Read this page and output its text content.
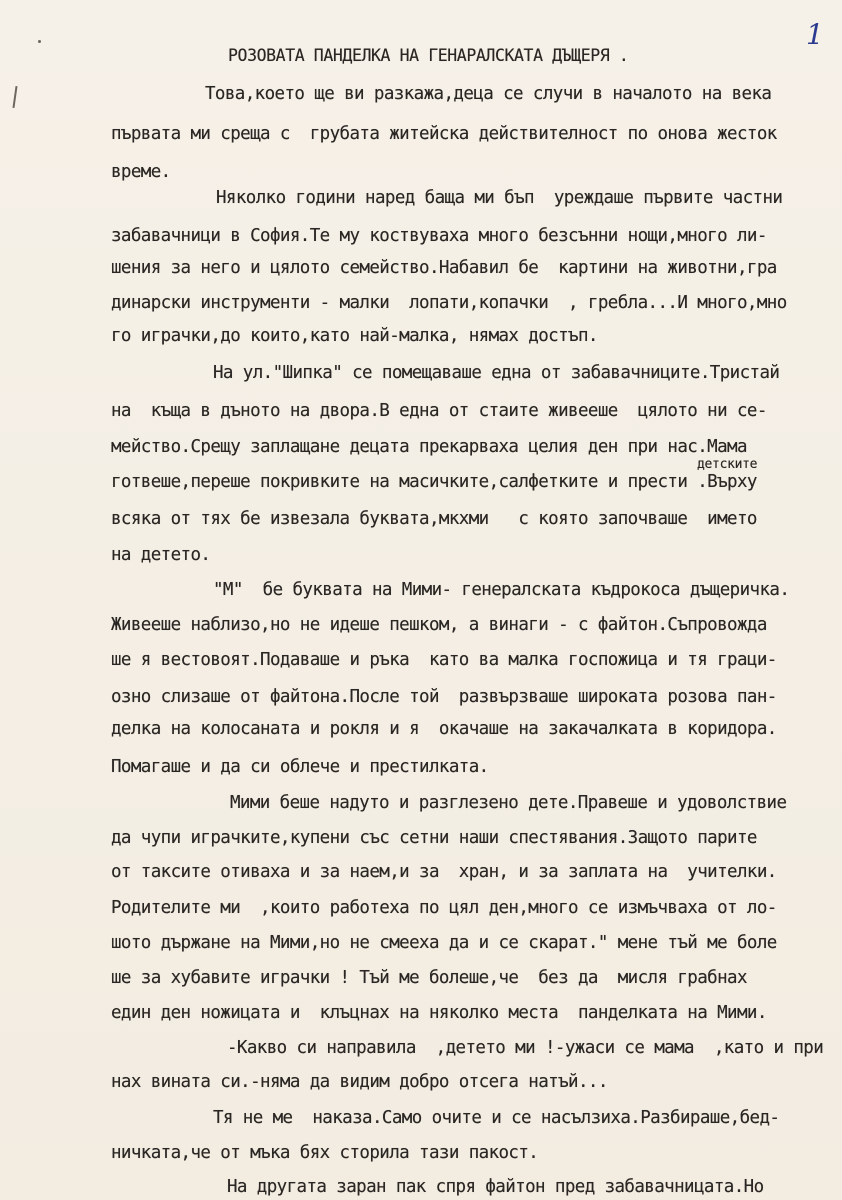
1
РОЗОВАТА ПАНДЕЛКА НА ГЕНАРАЛСКАТА ДЪЩЕРЯ .
Това,което ще ви разкажа,деца се случи в началото на века
първата ми среща с  грубата житейска действителност по онова жесток
време.
Няколко години наред баща ми бъп  уреждаше първите частни
забавачници в София.Те му коствуваха много безсънни нощи,много ли-
шения за него и цялото семейство.Набавил бе  картини на животни,гра
динарски инструменти - малки  лопати,копачки  , гребла...И много,мно
го играчки,до които,като най-малка, нямах достъп.
На ул."Шипка" се помещаваше една от забавачниците.Тристай
на  къща в дъното на двора.В една от стаите живееше  цялото ни се-
мейство.Срещу заплащане децата прекарваха целия ден при нас.Мама
детските
готвеше,переше покривките на масичките,салфетките и прести .Върху
всяка от тях бе извезала буквата,мкхми   с която започваше  името
на детето.
"М"  бе буквата на Мими- генералската къдрокоса дъщеричка.
Живееше наблизо,но не идеше пешком, а винаги - с файтон.Съпровожда
ше я вестовоят.Подаваше и ръка  като ва малка госпожица и тя граци-
озно слизаше от файтона.После той  развързваше широката розова пан-
делка на колосаната и рокля и я  окачаше на закачалката в коридора.
Помагаше и да си облече и престилката.
Мими беше надуто и разглезено дете.Правеше и удоволствие
да чупи играчките,купени със сетни наши спестявания.Защото парите
от таксите отиваха и за наем,и за  хран, и за заплата на  учителки.
Родителите ми  ,които работеха по цял ден,много се измъчваха от ло-
шото държане на Мими,но не смееха да и се скарат." мене тъй ме боле
ше за хубавите играчки ! Тъй ме болеше,че  без да  мисля грабнах
един ден ножицата и  клъцнах на няколко места  панделката на Мими.
-Какво си направила  ,детето ми !-ужаси се мама  ,като и при
нах вината си.-няма да видим добро отсега натъй...
Тя не ме  наказа.Само очите и се насълзиха.Разбираше,бед-
ничката,че от мъка бях сторила тази пакост.
На другата заран пак спря файтон пред забавачницата.Но
